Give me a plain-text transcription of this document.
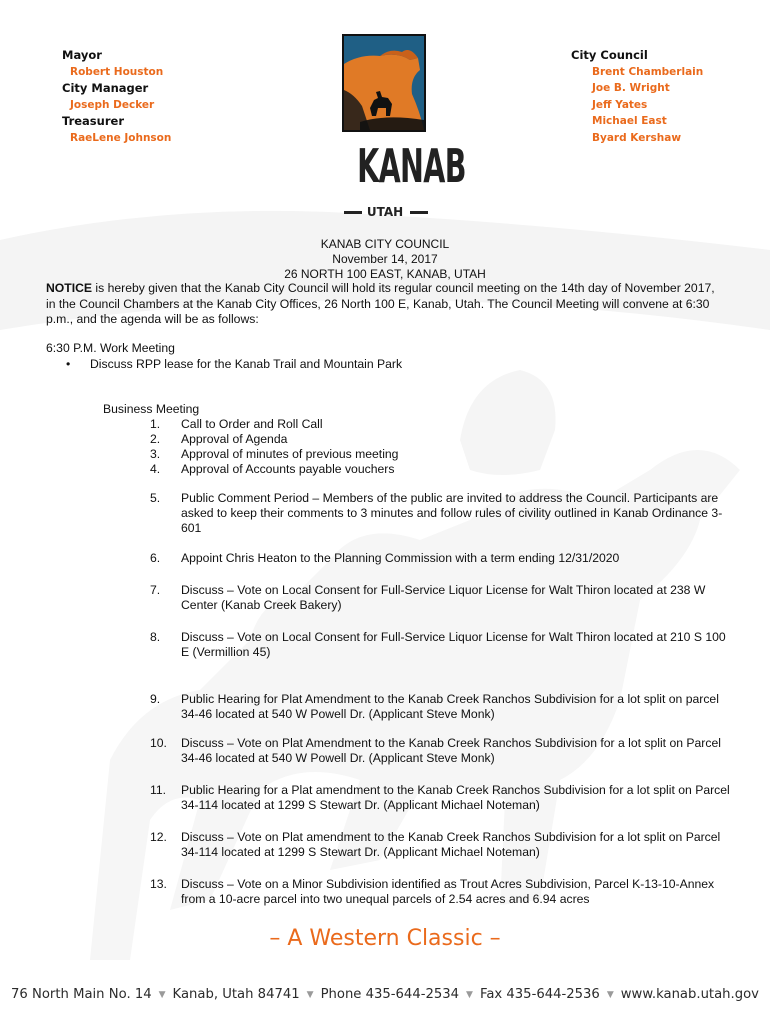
Mayor
Robert Houston
City Manager
Joseph Decker
Treasurer
RaeLene Johnson
City Council
Brent Chamberlain
Joe B. Wright
Jeff Yates
Michael East
Byard Kershaw
KANAB
UTAH
KANAB CITY COUNCIL
November 14, 2017
26 NORTH 100 EAST, KANAB, UTAH
NOTICE is hereby given that the Kanab City Council will hold its regular council meeting on the 14th day of November 2017, in the Council Chambers at the Kanab City Offices, 26 North 100 E, Kanab, Utah. The Council Meeting will convene at 6:30 p.m., and the agenda will be as follows:
6:30 P.M. Work Meeting
• Discuss RPP lease for the Kanab Trail and Mountain Park
Business Meeting
1.	Call to Order and Roll Call
2.	Approval of Agenda
3.	Approval of minutes of previous meeting
4.	Approval of Accounts payable vouchers
5.	Public Comment Period – Members of the public are invited to address the Council. Participants are asked to keep their comments to 3 minutes and follow rules of civility outlined in Kanab Ordinance 3-601
6.	Appoint Chris Heaton to the Planning Commission with a term ending 12/31/2020
7.	Discuss – Vote on Local Consent for Full-Service Liquor License for Walt Thiron located at 238 W Center (Kanab Creek Bakery)
8.	Discuss – Vote on Local Consent for Full-Service Liquor License for Walt Thiron located at 210 S 100 E (Vermillion 45)
9.	Public Hearing for Plat Amendment to the Kanab Creek Ranchos Subdivision for a lot split on parcel 34-46 located at 540 W Powell Dr. (Applicant Steve Monk)
10.	Discuss – Vote on Plat Amendment to the Kanab Creek Ranchos Subdivision for a lot split on Parcel 34-46 located at 540 W Powell Dr. (Applicant Steve Monk)
11.	Public Hearing for a Plat amendment to the Kanab Creek Ranchos Subdivision for a lot split on Parcel 34-114 located at 1299 S Stewart Dr. (Applicant Michael Noteman)
12.	Discuss – Vote on Plat amendment to the Kanab Creek Ranchos Subdivision for a lot split on Parcel 34-114 located at 1299 S Stewart Dr. (Applicant Michael Noteman)
13.	Discuss – Vote on a Minor Subdivision identified as Trout Acres Subdivision, Parcel K-13-10-Annex from a 10-acre parcel into two unequal parcels of 2.54 acres and 6.94 acres
– A Western Classic –
76 North Main No. 14 ▼ Kanab, Utah 84741 ▼ Phone 435-644-2534 ▼ Fax 435-644-2536 ▼ www.kanab.utah.gov
